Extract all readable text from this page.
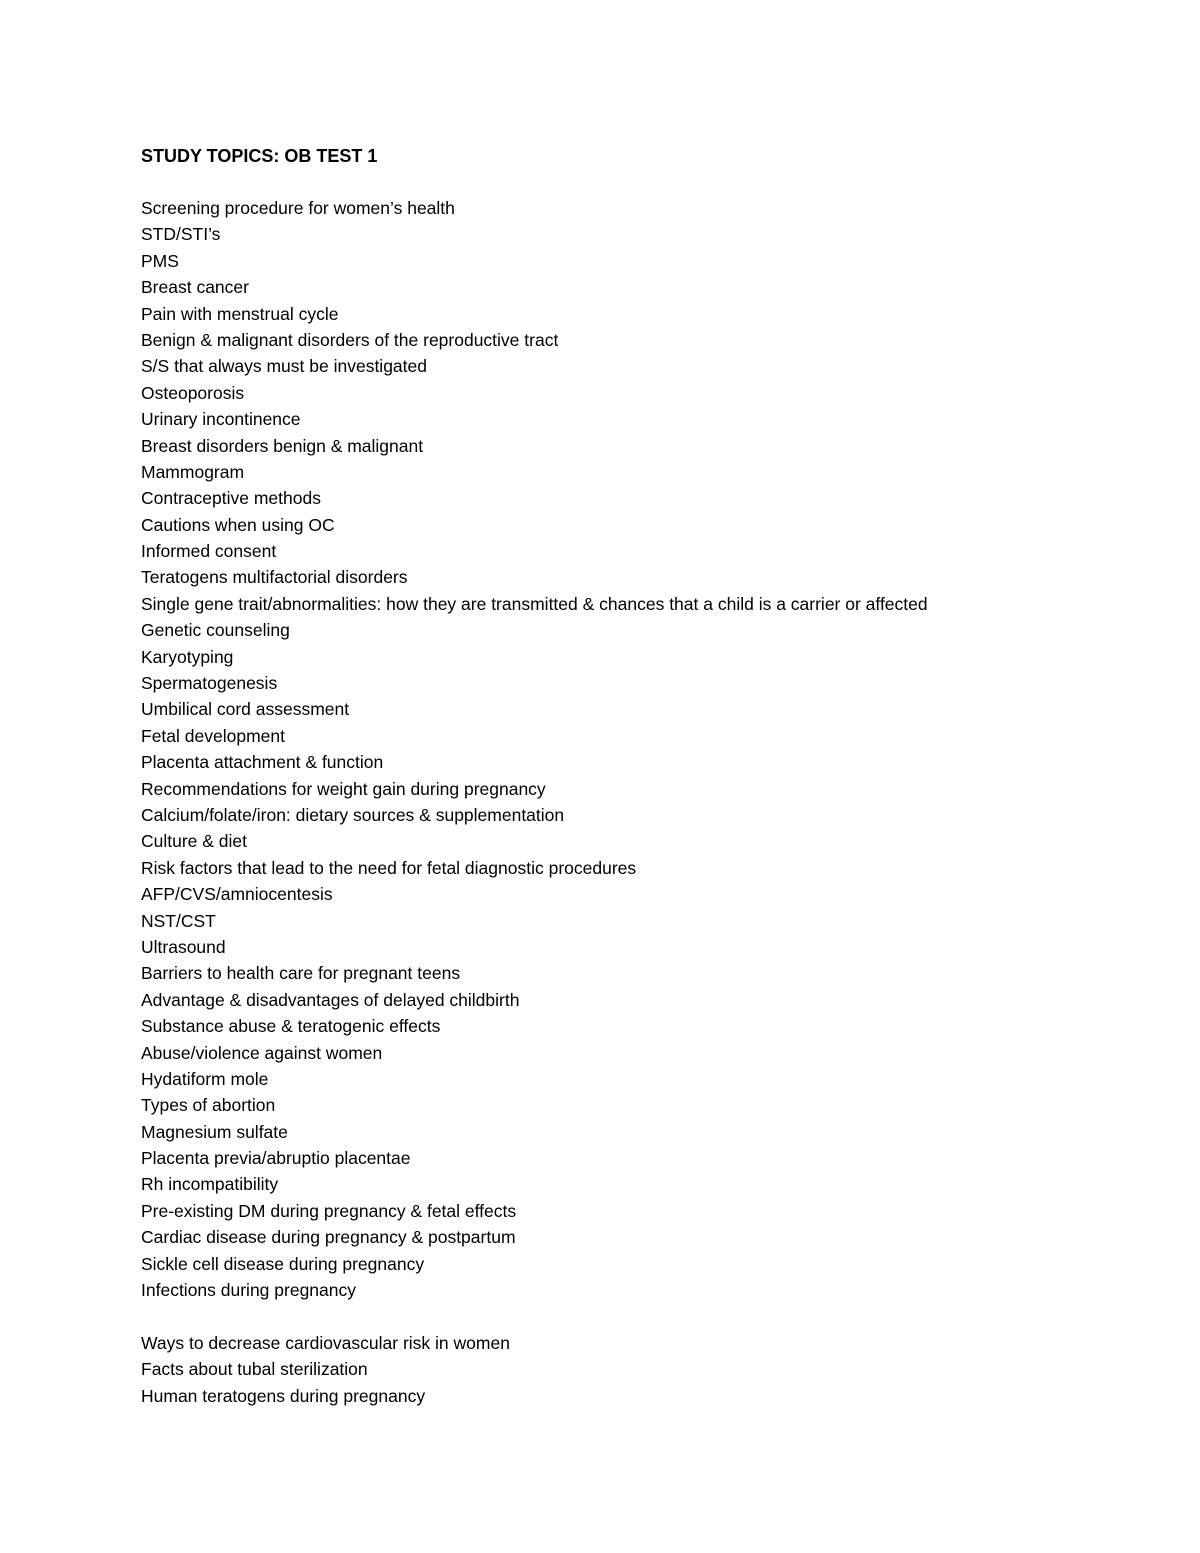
STUDY TOPICS: OB TEST 1
Screening procedure for women’s health
STD/STI’s
PMS
Breast cancer
Pain with menstrual cycle
Benign & malignant disorders of the reproductive tract
S/S that always must be investigated
Osteoporosis
Urinary incontinence
Breast disorders benign & malignant
Mammogram
Contraceptive methods
Cautions when using OC
Informed consent
Teratogens multifactorial disorders
Single gene trait/abnormalities: how they are transmitted & chances that a child is a carrier or affected
Genetic counseling
Karyotyping
Spermatogenesis
Umbilical cord assessment
Fetal development
Placenta attachment & function
Recommendations for weight gain during pregnancy
Calcium/folate/iron: dietary sources & supplementation
Culture & diet
Risk factors that lead to the need for fetal diagnostic procedures
AFP/CVS/amniocentesis
NST/CST
Ultrasound
Barriers to health care for pregnant teens
Advantage & disadvantages of delayed childbirth
Substance abuse & teratogenic effects
Abuse/violence against women
Hydatiform mole
Types of abortion
Magnesium sulfate
Placenta previa/abruptio placentae
Rh incompatibility
Pre-existing DM during pregnancy & fetal effects
Cardiac disease during pregnancy & postpartum
Sickle cell disease during pregnancy
Infections during pregnancy
Ways to decrease cardiovascular risk in women
Facts about tubal sterilization
Human teratogens during pregnancy
